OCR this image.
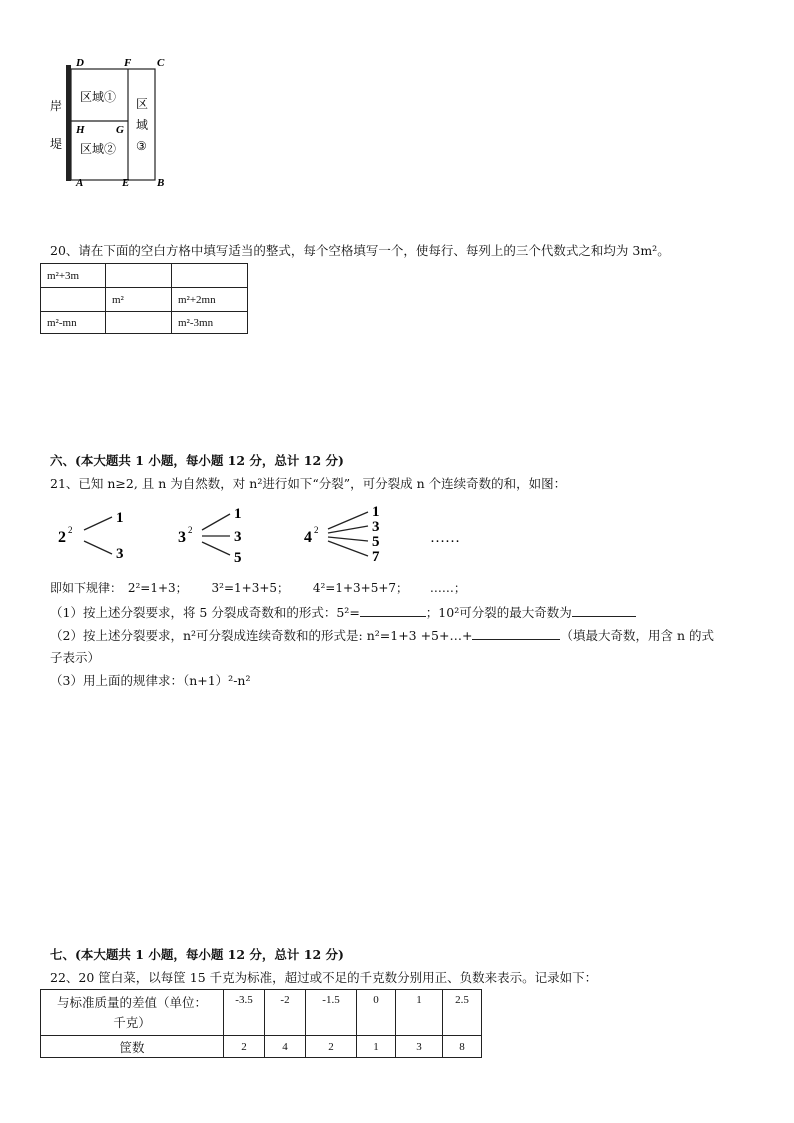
D	F C
H	G
A	E	B
区域①
区域②
区
域
③
岸
堤
20、请在下面的空白方格中填写适当的整式，每个空格填写一个，使每行、每列上的三个代数式之和均为 3m²。
m²+3m		
	m²	m²+2mn
m²-mn		m²-3mn
六、(本大题共 1 小题，每小题 12 分，总计 12 分)
21、已知 n≥2, 且 n 为自然数，对 n²进行如下“分裂”，可分裂成 n 个连续奇数的和，如图：
2 2
1
3
3 2
1
3
5
4 2
1
3
5
7
……
即如下规律： 2²=1+3； 3²=1+3+5； 4²=1+3+5+7； ……；
（1）按上述分裂要求，将 5 分裂成奇数和的形式：5²=	；10²可分裂的最大奇数为
（2）按上述分裂要求，n²可分裂成连续奇数和的形式是: n²=1+3 +5+…+	（填最大奇数，用含 n 的式
子表示）
（3）用上面的规律求：（n+1）²-n²
七、(本大题共 1 小题，每小题 12 分，总计 12 分)
22、20 筐白菜，以每筐 15 千克为标准，超过或不足的千克数分别用正、负数来表示。记录如下：
与标准质量的差值（单位：
千克）	-3.5	-2	-1.5	0	1	2.5
筐数	2	4	2	1	3	8
